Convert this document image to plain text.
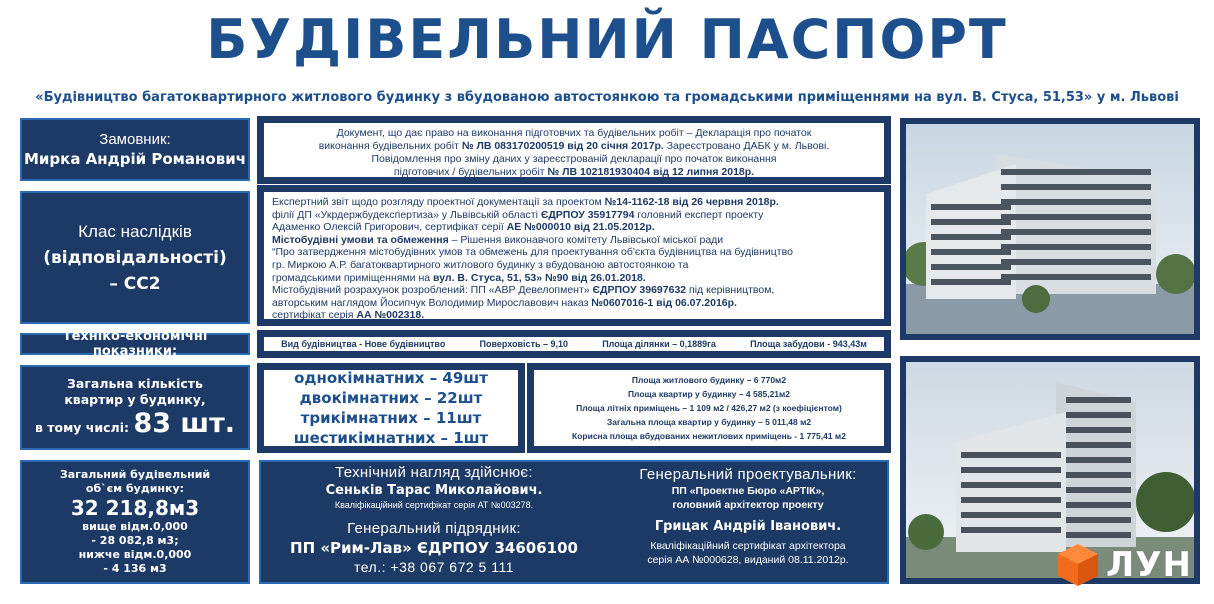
БУДІВЕЛЬНИЙ ПАСПОРТ
«Будівництво багатоквартирного житлового будинку з вбудованою автостоянкою та громадськими приміщеннями на вул. В. Стуса, 51,53» у м. Львові
Замовник:
Мирка Андрій Романович
Документ, що дає право на виконання підготовчих та будівельних робіт – Декларація про початок
виконання будівельних робіт № ЛВ 083170200519 від 20 січня 2017р. Зареєстровано ДАБК у м. Львові.
Повідомлення про зміну даних у зареєстрованій декларації про початок виконання
підготовчих / будівельних робіт № ЛВ 102181930404 від 12 липня 2018р.
Клас наслідків
(відповідальності)
– СС2
Експертний звіт щодо розгляду проектної документації за проектом №14-1162-18 від 26 червня 2018р.
філії ДП «Укрдержбудекспертиза» у Львівській області ЄДРПОУ 35917794 головний експерт проекту
Адаменко Олексій Григорович, сертифікат серії АЕ №000010 від 21.05.2012р.
Містобудівні умови та обмеження – Рішення виконавчого комітету Львівської міської ради
“Про затвердження містобудівних умов та обмежень для проектування об'єкта будівництва на будівництво
гр. Миркою А.Р. багатоквартирного житлового будинку з вбудованою автостоянкою та
громадськими приміщеннями на вул. В. Стуса, 51, 53» №90 від 26.01.2018.
Містобудівний розрахунок розроблений: ПП «АВР Девелопмент» ЄДРПОУ 39697632 під керівництвом,
авторським наглядом Йосипчук Володимир Мирославович наказ №0607016-1 від 06.07.2016р.
сертифікат серія АА №002318.
Техніко-економічні показники:	Вид будівництва - Нове будівництво	Поверховість – 9,10	Площа ділянки – 0,1889га	Площа забудови - 943,43м
Загальна кількість
квартир у будинку,
в тому числі: 83 шт.
однокімнатних – 49шт
двокімнатних – 22шт
трикімнатних – 11шт
шестикімнатних – 1шт
Площа житлового будинку – 6 770м2
Площа квартир у будинку – 4 585,21м2
Площа літніх приміщень – 1 109 м2 / 426,27 м2 (з коефіцієнтом)
Загальна площа квартир у будинку – 5 011,48 м2
Корисна площа вбудованих нежитлових приміщень - 1 775,41 м2
Загальний будівельний
об`єм будинку:
32 218,8м3
вище відм.0,000
- 28 082,8 м3;
нижче відм.0,000
- 4 136 м3
Технічний нагляд здійснює:
Сеньків Тарас Миколайович.
Кваліфікаційний сертифікат серія АТ №003278.
Генеральний підрядник:
ПП «Рим-Лав» ЄДРПОУ 34606100
тел.: +38 067 672 5 111
Генеральний проектувальник:
ПП «Проектне Бюро «АРТІК»,
головний архітектор проекту
Грицак Андрій Іванович.
Кваліфікаційний сертифікат архітектора
серія АА №000628, виданий 08.11.2012р.	ЛУН
